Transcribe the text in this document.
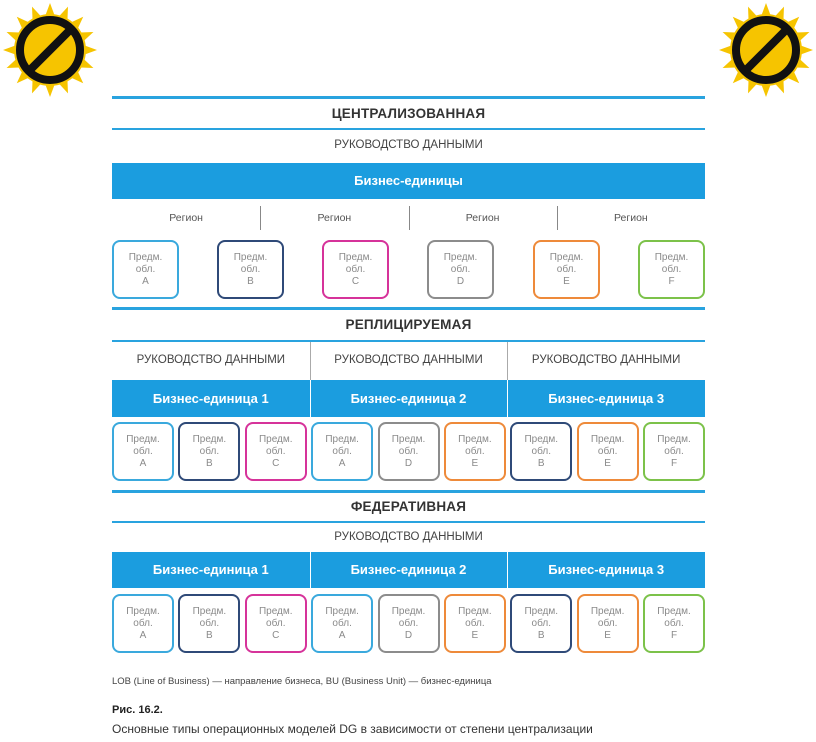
ЦЕНТРАЛИЗОВАННАЯ
РУКОВОДСТВО ДАННЫМИ
Бизнес-единицы
Регион	Регион	Регион	Регион
Предм.
обл.
A
Предм.
обл.
B
Предм.
обл.
C
Предм.
обл.
D
Предм.
обл.
E
Предм.
обл.
F
РЕПЛИЦИРУЕМАЯ
РУКОВОДСТВО ДАННЫМИ
Бизнес-единица 1
РУКОВОДСТВО ДАННЫМИ
Бизнес-единица 2
РУКОВОДСТВО ДАННЫМИ
Бизнес-единица 3
Предм.
обл.
A
Предм.
обл.
B
Предм.
обл.
C
Предм.
обл.
A
Предм.
обл.
D
Предм.
обл.
E
Предм.
обл.
B
Предм.
обл.
E
Предм.
обл.
F
ФЕДЕРАТИВНАЯ
РУКОВОДСТВО ДАННЫМИ
Бизнес-единица 1	Бизнес-единица 2	Бизнес-единица 3
Предм.
обл.
A
Предм.
обл.
B
Предм.
обл.
C
Предм.
обл.
A
Предм.
обл.
D
Предм.
обл.
E
Предм.
обл.
B
Предм.
обл.
E
Предм.
обл.
F
LOB (Line of Business) — направление бизнеса, BU (Business Unit) — бизнес-единица
Рис. 16.2.
Основные типы операционных моделей DG в зависимости от степени централизации
